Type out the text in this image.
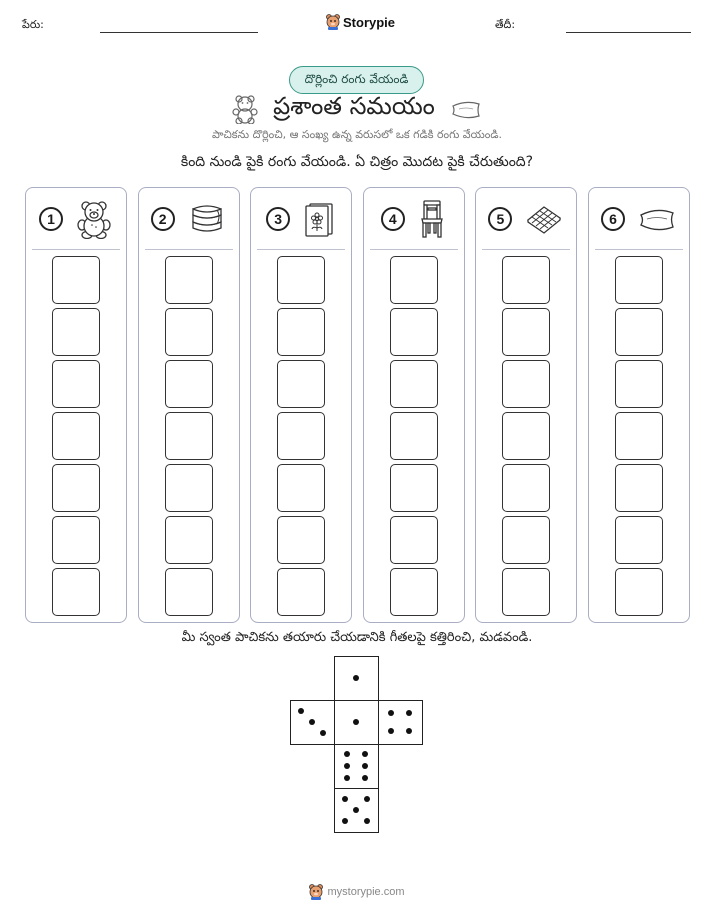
పేరు:	Storypie	తేదీ:
దొర్లించి రంగు వేయండి
ప్రశాంత సమయం
పాచికను దొర్లించి, ఆ సంఖ్య ఉన్న వరుసలో ఒక గడికి రంగు వేయండి.
కింది నుండి పైకి రంగు వేయండి. ఏ చిత్రం మొదట పైకి చేరుతుంది?
1	2	3	4	5	6
మీ స్వంత పాచికను తయారు చేయడానికి గీతలపై కత్తిరించి, మడవండి.
mystorypie.com
